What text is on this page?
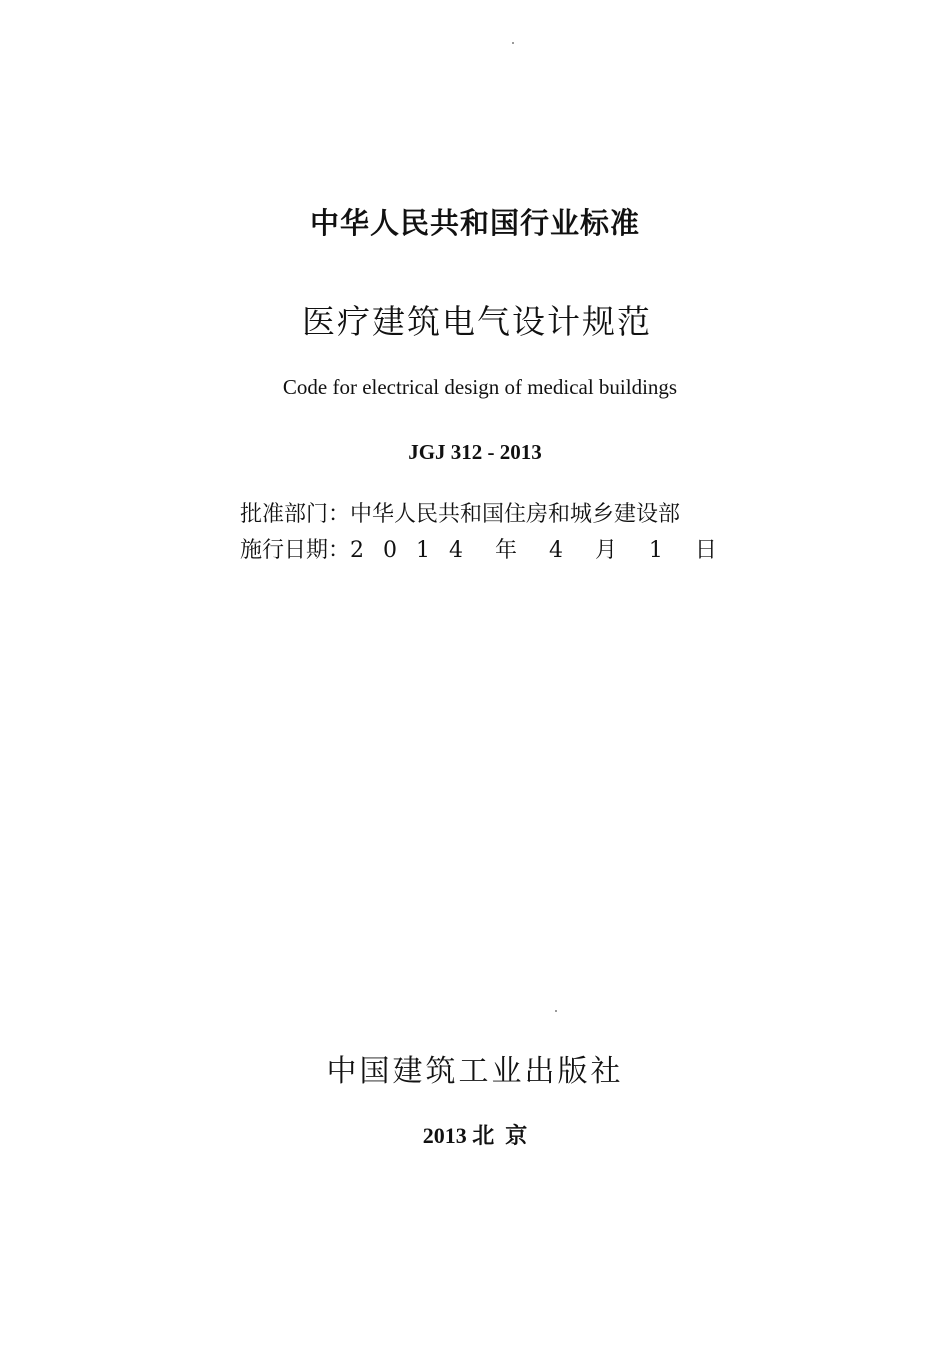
中华人民共和国行业标准
医疗建筑电气设计规范
Code for electrical design of medical buildings
JGJ 312 - 2013
批准部门：中华人民共和国住房和城乡建设部
施行日期：2 0 1 4  年  4  月  1  日
中国建筑工业出版社
2013 北  京
